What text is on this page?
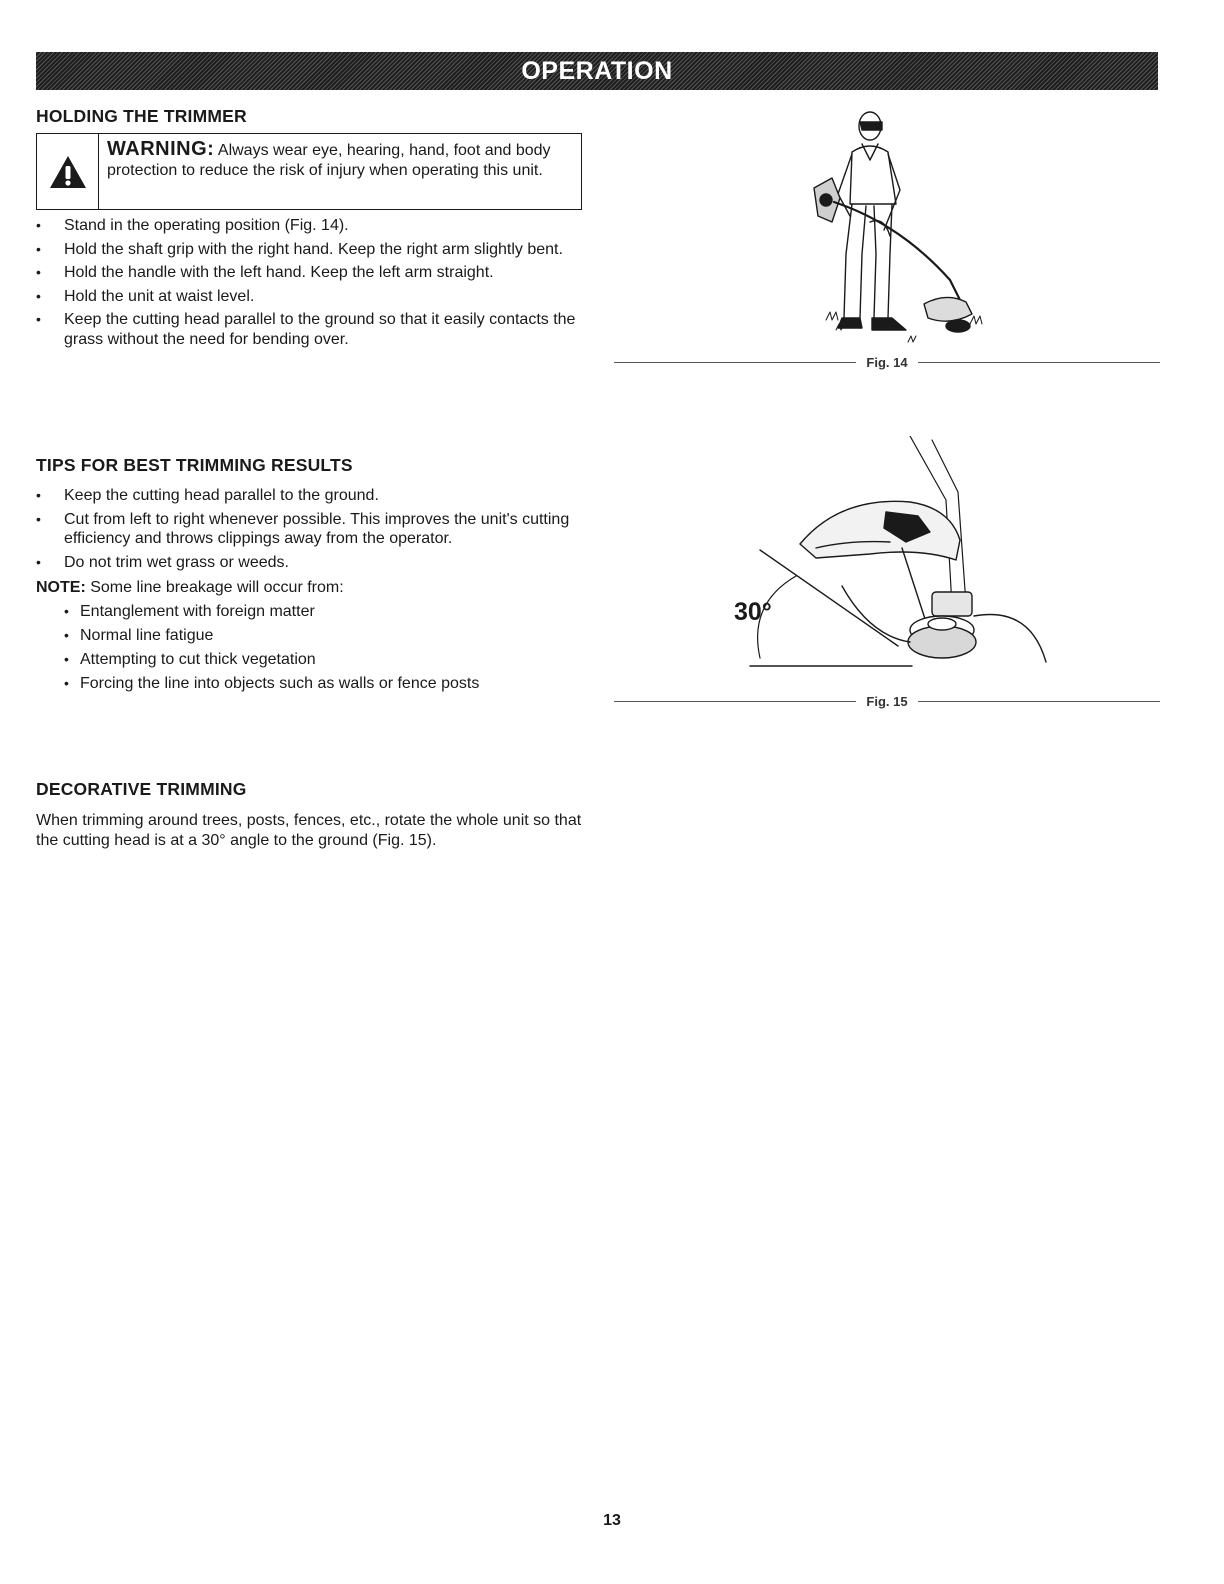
OPERATION
HOLDING THE TRIMMER
WARNING: Always wear eye, hearing, hand, foot and body protection to reduce the risk of injury when operating this unit.
• Stand in the operating position (Fig. 14).
• Hold the shaft grip with the right hand. Keep the right arm slightly bent.
• Hold the handle with the left hand. Keep the left arm straight.
• Hold the unit at waist level.
• Keep the cutting head parallel to the ground so that it easily contacts the grass without the need for bending over.
Fig. 14
TIPS FOR BEST TRIMMING RESULTS
• Keep the cutting head parallel to the ground.
• Cut from left to right whenever possible. This improves the unit's cutting efficiency and throws clippings away from the operator.
• Do not trim wet grass or weeds.
NOTE: Some line breakage will occur from:
• Entanglement with foreign matter
• Normal line fatigue
• Attempting to cut thick vegetation
• Forcing the line into objects such as walls or fence posts
30°
Fig. 15
DECORATIVE TRIMMING
When trimming around trees, posts, fences, etc., rotate the whole unit so that the cutting head is at a 30° angle to the ground (Fig. 15).
13
